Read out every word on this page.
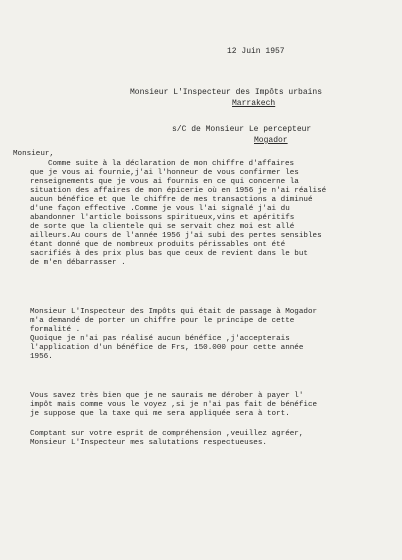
12 Juin 1957
Monsieur L'Inspecteur des Impôts urbains
Marrakech
s/C de Monsieur Le percepteur
Mogador
Monsieur,
Comme suite à la déclaration de mon chiffre d'affaires
que je vous ai fournie,j'ai l'honneur de vous confirmer les
renseignements que je vous ai fournis en ce qui concerne la
situation des affaires de mon épicerie où en 1956 je n'ai réalisé
aucun bénéfice et que le chiffre de mes transactions a diminué
d'une façon effective .Comme je vous l'ai signalé j'ai du
abandonner l'article boissons spiritueux,vins et apéritifs
de sorte que la clientele qui se servait chez moi est allé
ailleurs.Au cours de l'année 1956 j'ai subi des pertes sensibles
étant donné que de nombreux produits périssables ont été
sacrifiés à des prix plus bas que ceux de revient dans le but
de m'en débarrasser .
Monsieur L'Inspecteur des Impôts qui était de passage à Mogador
m'a demandé de porter un chiffre pour le principe de cette
formalité .
Quoique je n'ai pas réalisé aucun bénéfice ,j'accepterais
l'application d'un bénéfice de Frs, 150.000 pour cette année
1956.
Vous savez très bien que je ne saurais me dérober à payer l'
impôt mais comme vous le voyez ,si je n'ai pas fait de bénéfice
je suppose que la taxe qui me sera appliquée sera à tort.
Comptant sur votre esprit de compréhension ,veuillez agréer,
Monsieur L'Inspecteur mes salutations respectueuses.
